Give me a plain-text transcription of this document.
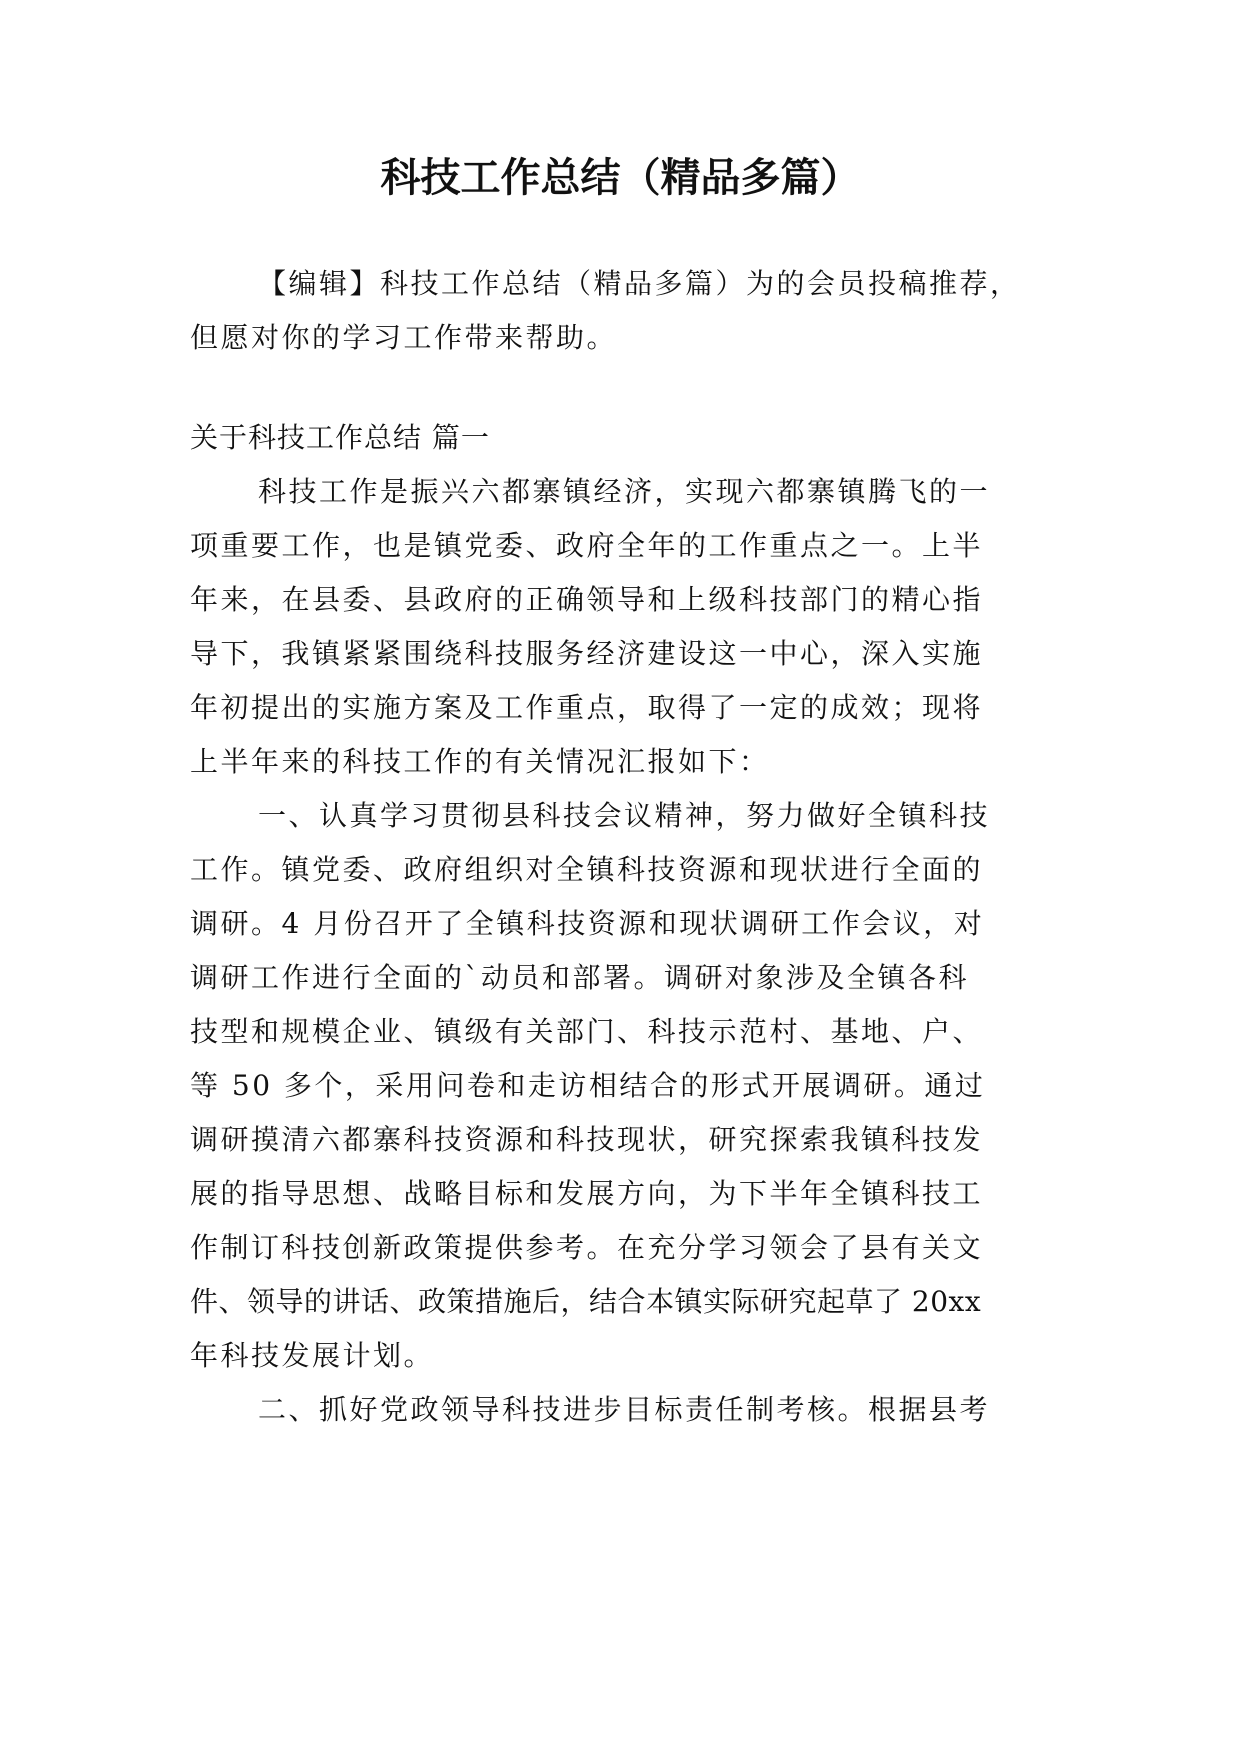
科技工作总结（精品多篇）
【编辑】科技工作总结（精品多篇）为的会员投稿推荐，
但愿对你的学习工作带来帮助。
关于科技工作总结 篇一
科技工作是振兴六都寨镇经济，实现六都寨镇腾飞的一
项重要工作，也是镇党委、政府全年的工作重点之一。上半
年来，在县委、县政府的正确领导和上级科技部门的精心指
导下，我镇紧紧围绕科技服务经济建设这一中心，深入实施
年初提出的实施方案及工作重点，取得了一定的成效；现将
上半年来的科技工作的有关情况汇报如下：
一、认真学习贯彻县科技会议精神，努力做好全镇科技
工作。镇党委、政府组织对全镇科技资源和现状进行全面的
调研。4 月份召开了全镇科技资源和现状调研工作会议，对
调研工作进行全面的`动员和部署。调研对象涉及全镇各科
技型和规模企业、镇级有关部门、科技示范村、基地、户、
等 50 多个，采用问卷和走访相结合的形式开展调研。通过
调研摸清六都寨科技资源和科技现状，研究探索我镇科技发
展的指导思想、战略目标和发展方向，为下半年全镇科技工
作制订科技创新政策提供参考。在充分学习领会了县有关文
件、领导的讲话、政策措施后，结合本镇实际研究起草了 20xx
年科技发展计划。
二、抓好党政领导科技进步目标责任制考核。根据县考
